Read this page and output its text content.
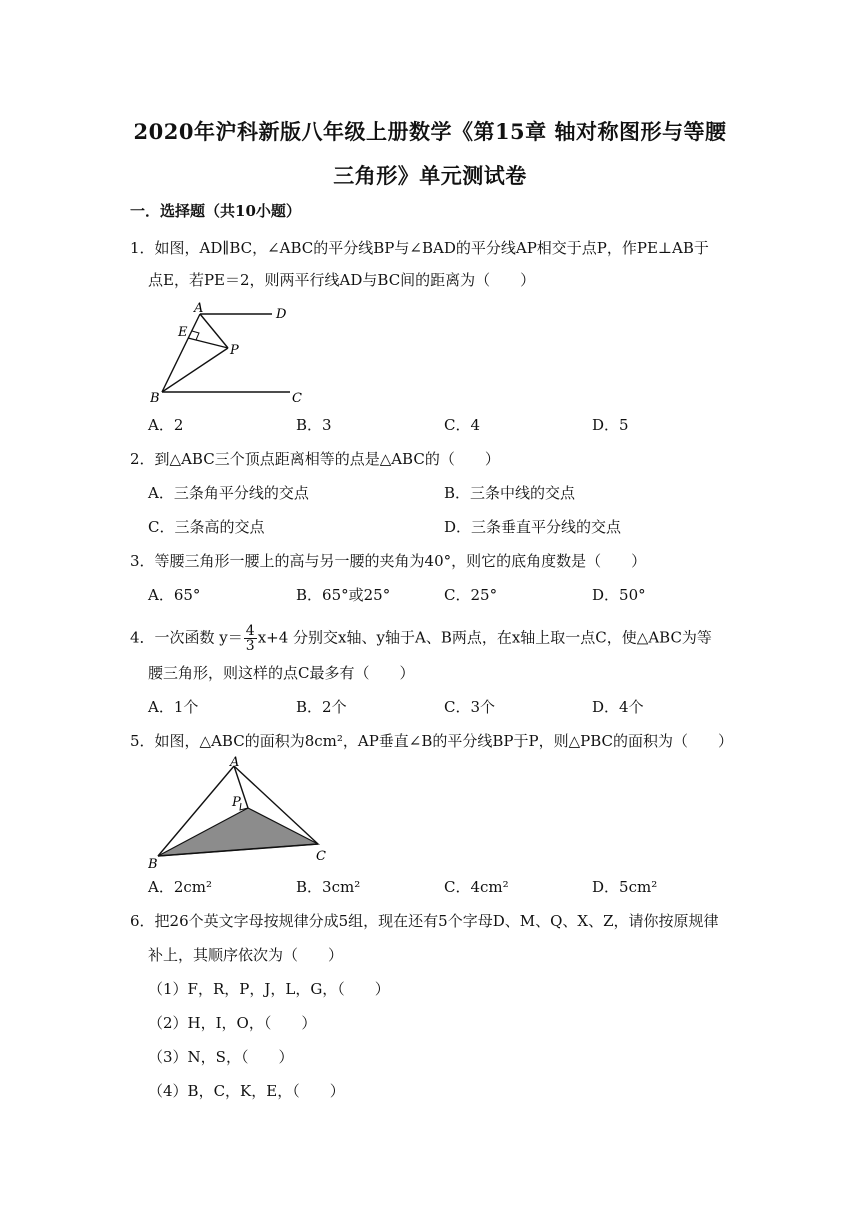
2020年沪科新版八年级上册数学《第15章 轴对称图形与等腰
三角形》单元测试卷
一．选择题（共10小题）
1．如图，AD∥BC，∠ABC的平分线BP与∠BAD的平分线AP相交于点P，作PE⊥AB于
点E，若PE＝2，则两平行线AD与BC间的距离为（　　）
A	D
E
P
B	C
A．2	B．3	C．4	D．5
2．到△ABC三个顶点距离相等的点是△ABC的（　　）
A．三条角平分线的交点	B．三条中线的交点
C．三条高的交点	D．三条垂直平分线的交点
3．等腰三角形一腰上的高与另一腰的夹角为40°，则它的底角度数是（　　）
A．65°	B．65°或25°	C．25°	D．50°
4．一次函数 $y= \frac{4}{3} x+4$ 分别交x轴、y轴于A、B两点，在x轴上取一点C，使△ABC为等
腰三角形，则这样的点C最多有（　　）
A．1个	B．2个	C．3个	D．4个
5．如图，△ABC的面积为8cm²，AP垂直∠B的平分线BP于P，则△PBC的面积为（　　）
A
P
B
C
A．2cm²	B．3cm²	C．4cm²	D．5cm²
6．把26个英文字母按规律分成5组，现在还有5个字母D、M、Q、X、Z，请你按原规律
补上，其顺序依次为（　　）
（1）F，R，P，J，L，G，（　　）
（2）H，I，O，（　　）
（3）N，S，（　　）
（4）B，C，K，E，（　　）
